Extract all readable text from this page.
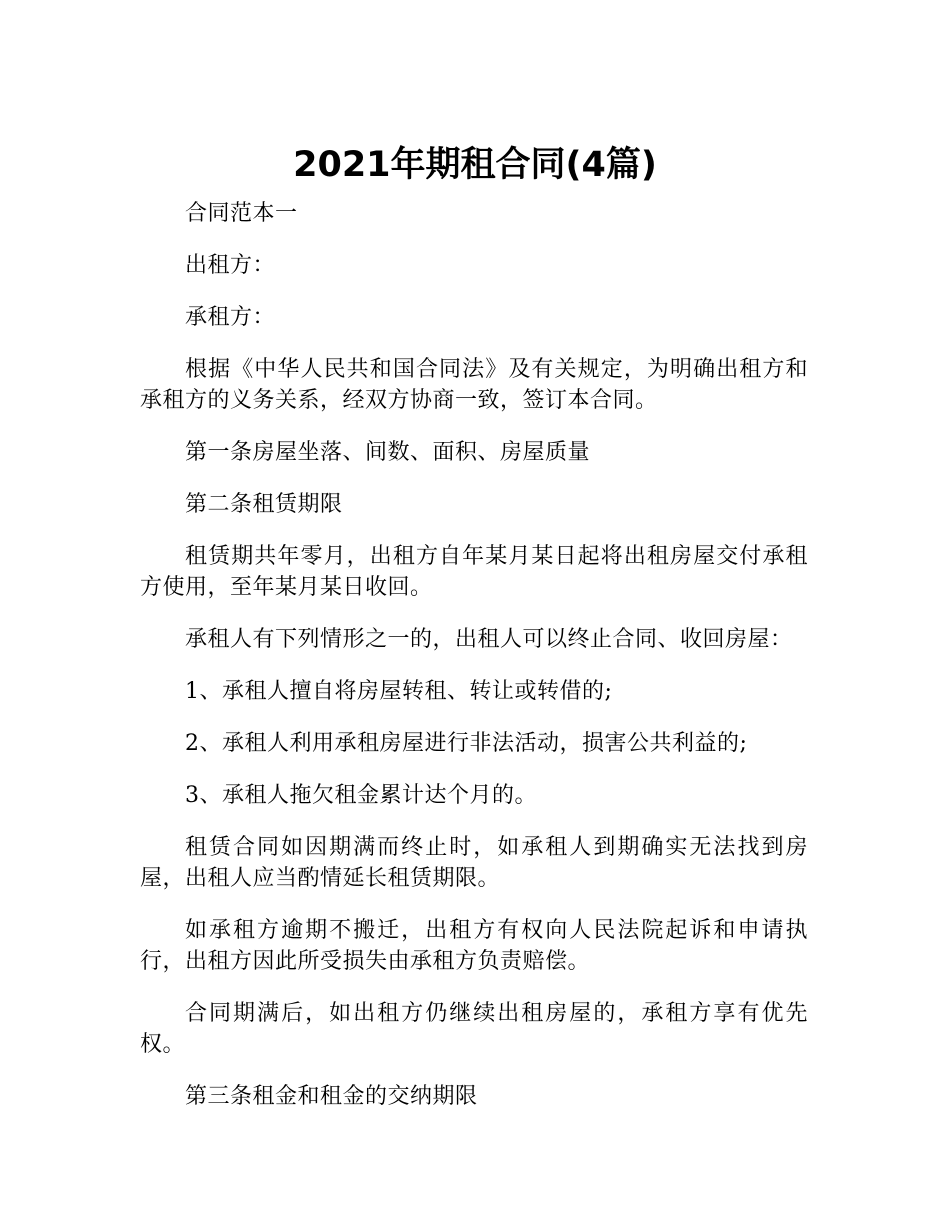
2021年期租合同(4篇)

合同范本一

出租方：

承租方：

根据《中华人民共和国合同法》及有关规定，为明确出租方和承租方的义务关系，经双方协商一致，签订本合同。

第一条房屋坐落、间数、面积、房屋质量

第二条租赁期限

租赁期共年零月，出租方自年某月某日起将出租房屋交付承租方使用，至年某月某日收回。

承租人有下列情形之一的，出租人可以终止合同、收回房屋：

1、承租人擅自将房屋转租、转让或转借的;

2、承租人利用承租房屋进行非法活动，损害公共利益的;

3、承租人拖欠租金累计达个月的。

租赁合同如因期满而终止时，如承租人到期确实无法找到房屋，出租人应当酌情延长租赁期限。

如承租方逾期不搬迁，出租方有权向人民法院起诉和申请执行，出租方因此所受损失由承租方负责赔偿。

合同期满后，如出租方仍继续出租房屋的，承租方享有优先权。

第三条租金和租金的交纳期限
